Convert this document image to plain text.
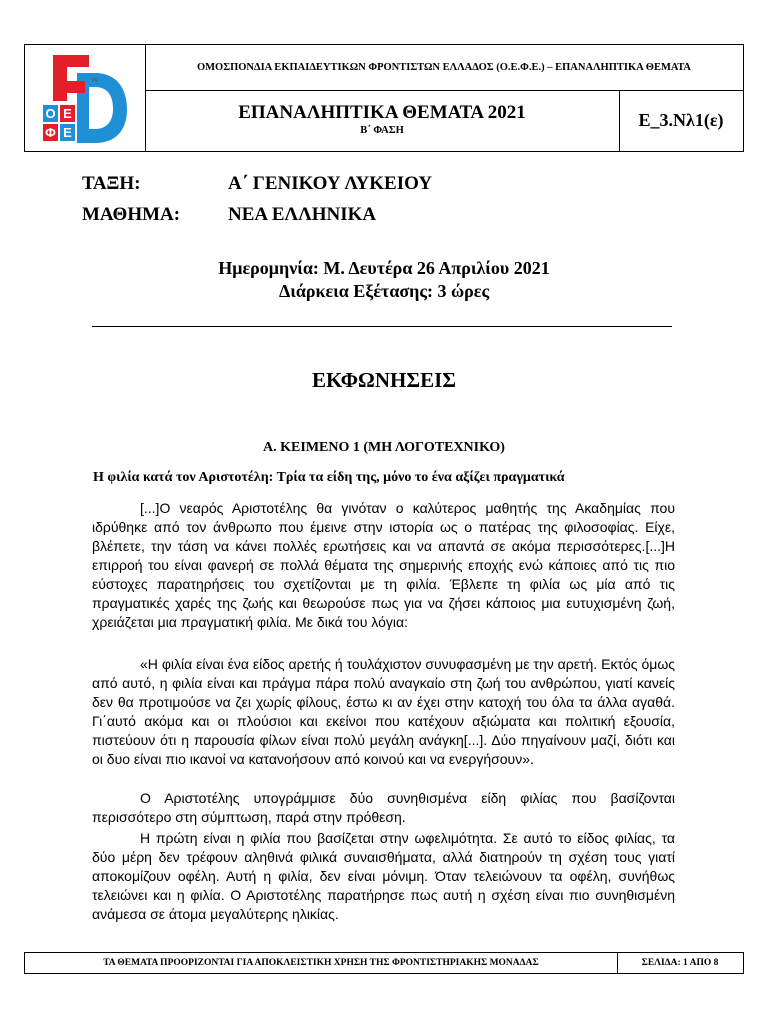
Ο Ε
Φ Ε
TM
ΟΜΟΣΠΟΝΔΙΑ ΕΚΠΑΙΔΕΥΤΙΚΩΝ ΦΡΟΝΤΙΣΤΩΝ ΕΛΛΑΔΟΣ (Ο.Ε.Φ.Ε.) – ΕΠΑΝΑΛΗΠΤΙΚΑ ΘΕΜΑΤΑ
ΕΠΑΝΑΛΗΠΤΙΚΑ ΘΕΜΑΤΑ 2021
Β΄ ΦΑΣΗ
Ε_3.Νλ1(ε)
ΤΑΞΗ:	Α΄ ΓΕΝΙΚΟΥ ΛΥΚΕΙΟΥ
ΜΑΘΗΜΑ:	ΝΕΑ ΕΛΛΗΝΙΚΑ
Ημερομηνία: Μ. Δευτέρα 26 Απριλίου 2021
Διάρκεια Εξέτασης: 3 ώρες
ΕΚΦΩΝΗΣΕΙΣ
Α. ΚΕΙΜΕΝΟ 1 (ΜΗ ΛΟΓΟΤΕΧΝΙΚΟ)
Η φιλία κατά τον Αριστοτέλη: Τρία τα είδη της, μόνο το ένα αξίζει πραγματικά

[...]Ο νεαρός Αριστοτέλης θα γινόταν ο καλύτερος μαθητής της Ακαδημίας που ιδρύθηκε από τον άνθρωπο που έμεινε στην ιστορία ως ο πατέρας της φιλοσοφίας. Είχε, βλέπετε, την τάση να κάνει πολλές ερωτήσεις και να απαντά σε ακόμα περισσότερες.[...]Η επιρροή του είναι φανερή σε πολλά θέματα της σημερινής εποχής ενώ κάποιες από τις πιο εύστοχες παρατηρήσεις του σχετίζονται με τη φιλία. Έβλεπε τη φιλία ως μία από τις πραγματικές χαρές της ζωής και θεωρούσε πως για να ζήσει κάποιος μια ευτυχισμένη ζωή, χρειάζεται μια πραγματική φιλία. Με δικά του λόγια:

«Η φιλία είναι ένα είδος αρετής ή τουλάχιστον συνυφασμένη με την αρετή. Εκτός όμως από αυτό, η φιλία είναι και πράγμα πάρα πολύ αναγκαίο στη ζωή του ανθρώπου, γιατί κανείς δεν θα προτιμούσε να ζει χωρίς φίλους, έστω κι αν έχει στην κατοχή του όλα τα άλλα αγαθά. Γι΄αυτό ακόμα και οι πλούσιοι και εκείνοι που κατέχουν αξιώματα και πολιτική εξουσία, πιστεύουν ότι η παρουσία φίλων είναι πολύ μεγάλη ανάγκη[...]. Δύο πηγαίνουν μαζί, διότι και οι δυο είναι πιο ικανοί να κατανοήσουν από κοινού και να ενεργήσουν».

Ο Αριστοτέλης υπογράμμισε δύο συνηθισμένα είδη φιλίας που βασίζονται περισσότερο στη σύμπτωση, παρά στην πρόθεση.

Η πρώτη είναι η φιλία που βασίζεται στην ωφελιμότητα. Σε αυτό το είδος φιλίας, τα δύο μέρη δεν τρέφουν αληθινά φιλικά συναισθήματα, αλλά διατηρούν τη σχέση τους γιατί αποκομίζουν οφέλη. Αυτή η φιλία, δεν είναι μόνιμη. Όταν τελειώνουν τα οφέλη, συνήθως τελειώνει και η φιλία. Ο Αριστοτέλης παρατήρησε πως αυτή η σχέση είναι πιο συνηθισμένη ανάμεσα σε άτομα μεγαλύτερης ηλικίας.

ΤΑ ΘΕΜΑΤΑ ΠΡΟΟΡΙΖΟΝΤΑΙ ΓΙΑ ΑΠΟΚΛΕΙΣΤΙΚΗ ΧΡΗΣΗ ΤΗΣ ΦΡΟΝΤΙΣΤΗΡΙΑΚΗΣ ΜΟΝΑΔΑΣ	ΣΕΛΙΔΑ: 1 ΑΠΟ 8
